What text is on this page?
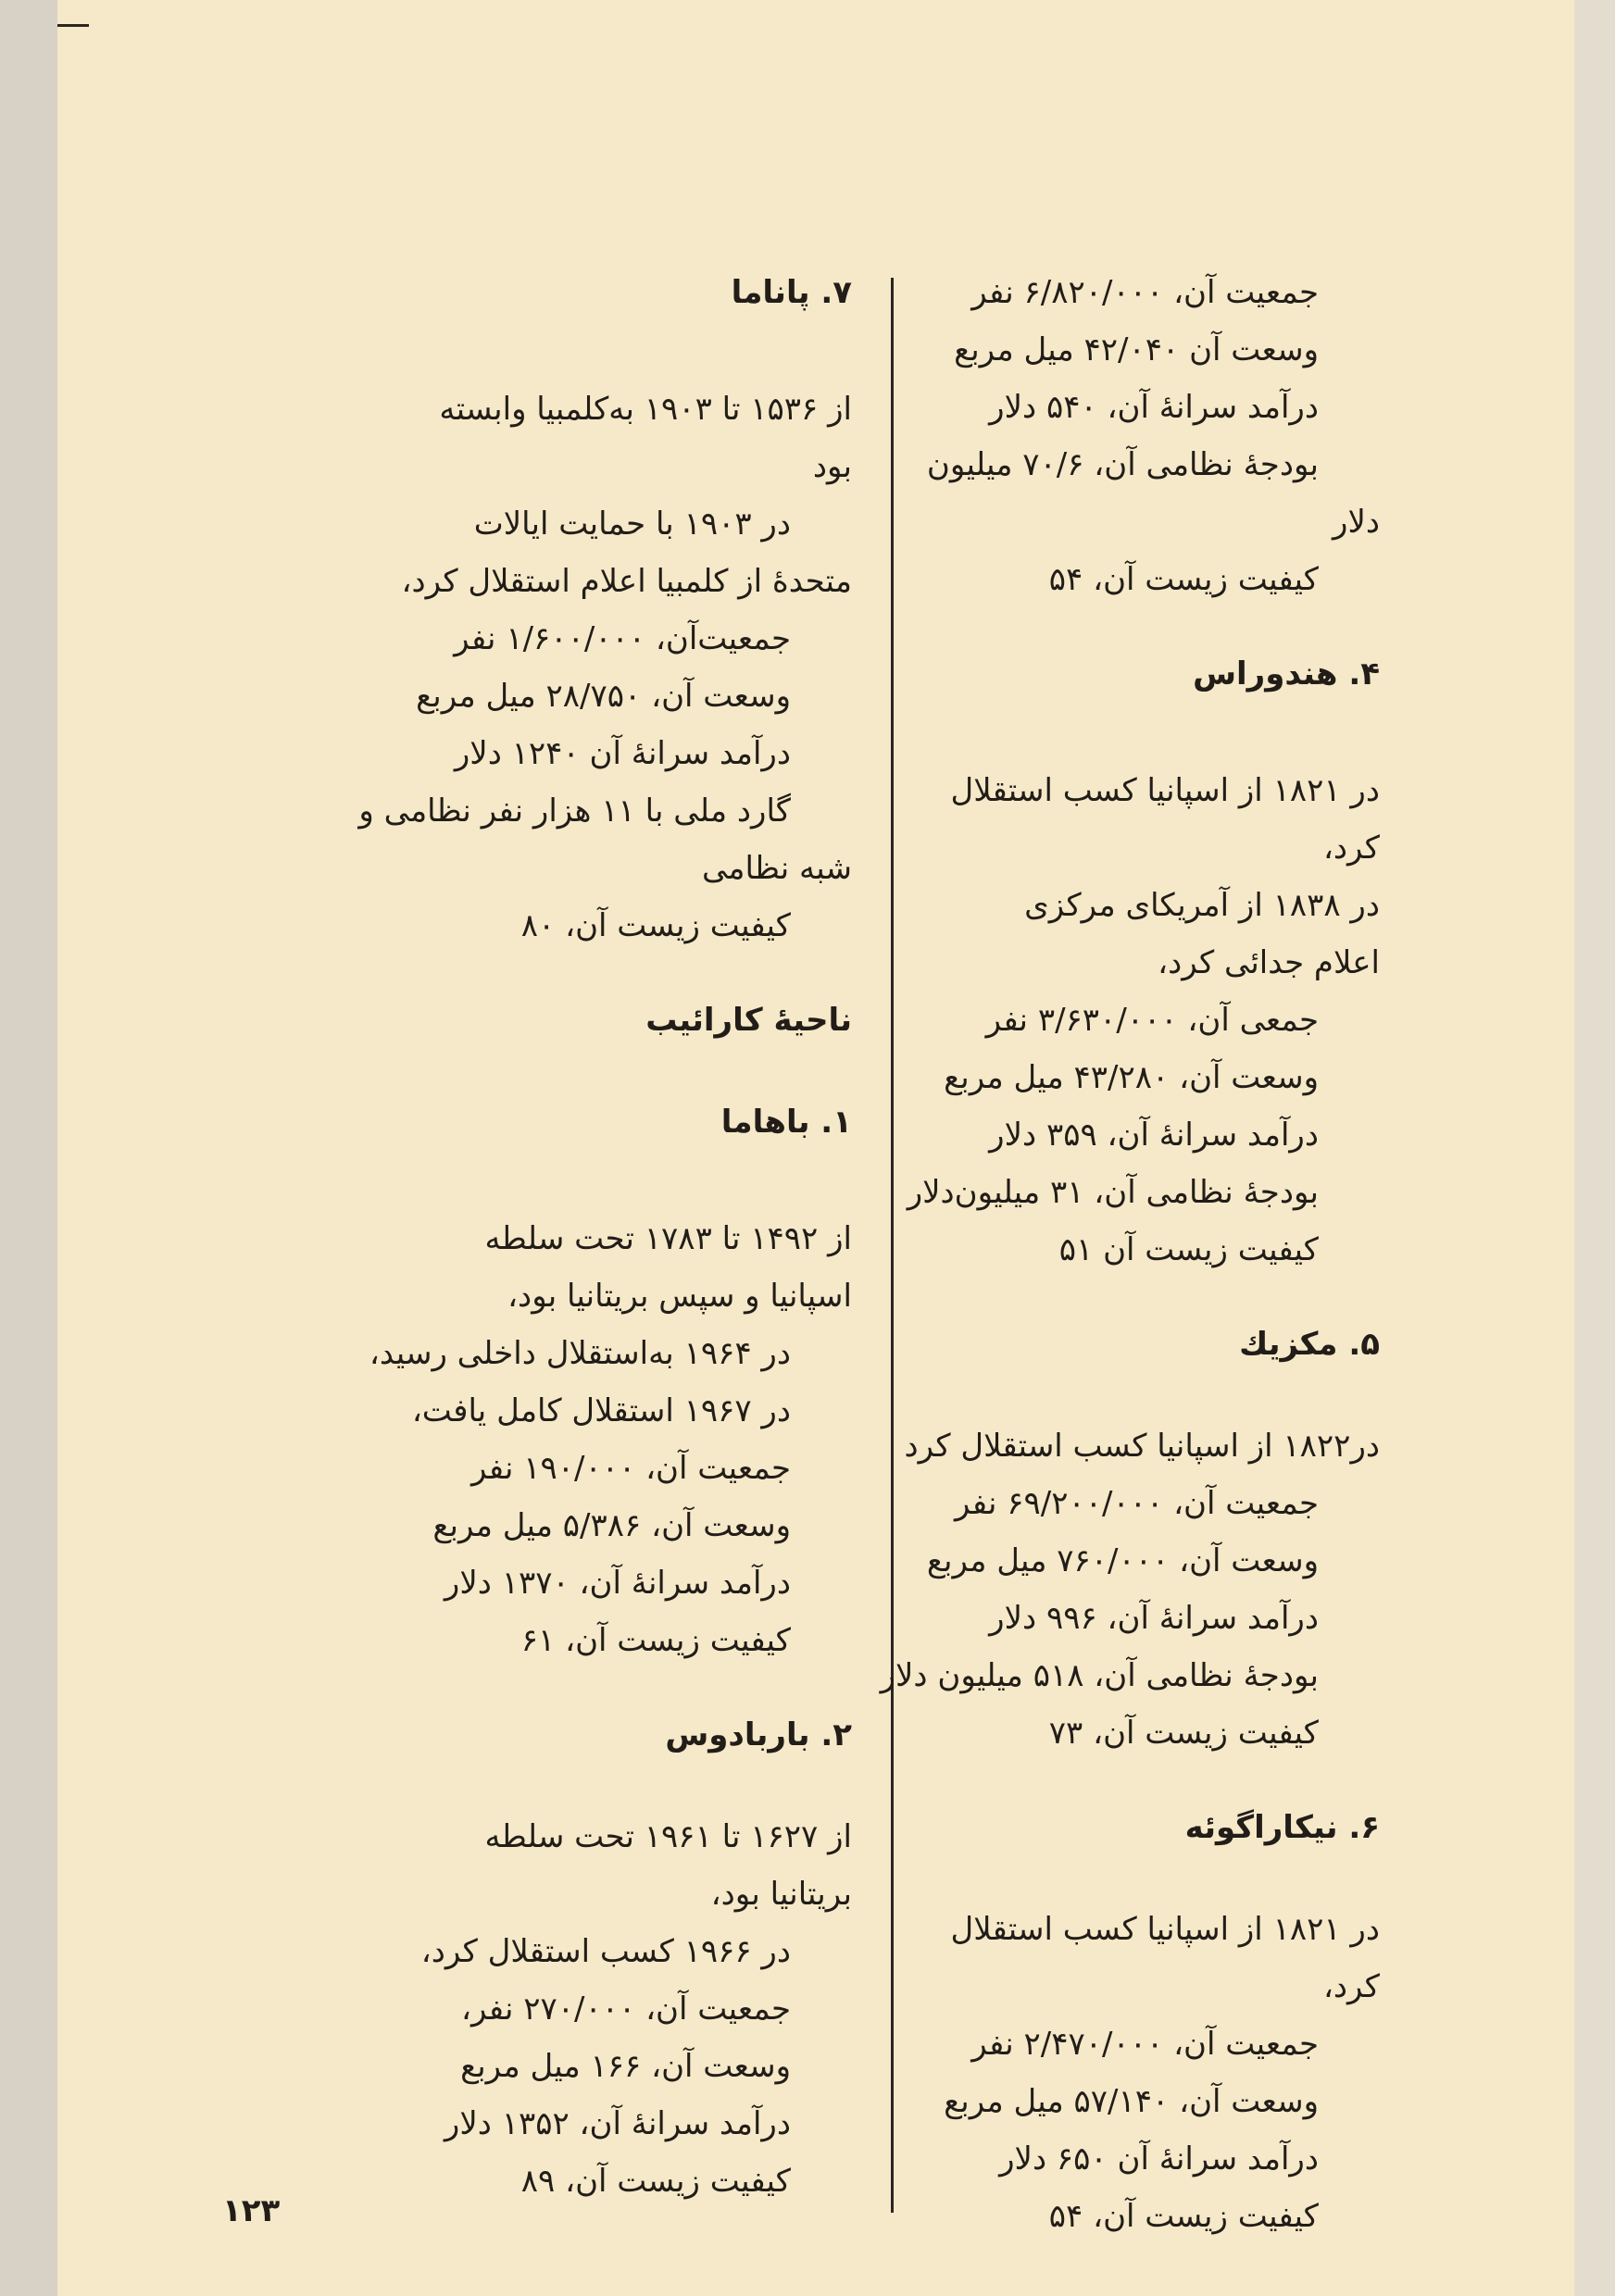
جمعیت آن، ۶/۸۲۰/۰۰۰ نفر
وسعت آن ۴۲/۰۴۰ میل مربع
درآمد سرانهٔ آن، ۵۴۰ دلار
بودجهٔ نظامی آن، ۷۰/۶ میلیون
دلار
کیفیت زیست آن، ۵۴
۴. هندوراس
در ۱۸۲۱ از اسپانیا کسب استقلال
کرد،
در ۱۸۳۸ از آمریکای مرکزی
اعلام جدائی کرد،
جمعی آن، ۳/۶۳۰/۰۰۰ نفر
وسعت آن، ۴۳/۲۸۰ میل مربع
درآمد سرانهٔ آن، ۳۵۹ دلار
بودجهٔ نظامی آن، ۳۱ میلیون‌دلار
کیفیت زیست آن ۵۱
۵. مکزیك
در۱۸۲۲ از اسپانیا کسب استقلال کرد
جمعیت آن، ۶۹/۲۰۰/۰۰۰ نفر
وسعت آن، ۷۶۰/۰۰۰ میل مربع
درآمد سرانهٔ آن، ۹۹۶ دلار
بودجهٔ نظامی آن، ۵۱۸ میلیون دلار
کیفیت زیست آن، ۷۳
۶. نیکاراگوئه
در ۱۸۲۱ از اسپانیا کسب استقلال
کرد،
جمعیت آن، ۲/۴۷۰/۰۰۰ نفر
وسعت آن، ۵۷/۱۴۰ میل مربع
درآمد سرانهٔ آن ۶۵۰ دلار
کیفیت زیست آن، ۵۴
۷. پاناما
از ۱۵۳۶ تا ۱۹۰۳ به‌کلمبیا وابسته
بود
در ۱۹۰۳ با حمایت ایالات
متحدهٔ از کلمبیا اعلام استقلال کرد،
جمعیت‌آن، ۱/۶۰۰/۰۰۰ نفر
وسعت آن، ۲۸/۷۵۰ میل مربع
درآمد سرانهٔ آن ۱۲۴۰ دلار
گارد ملی با ۱۱ هزار نفر نظامی و
شبه نظامی
کیفیت زیست آن، ۸۰
ناحیهٔ کارائیب
۱. باهاما
از ۱۴۹۲ تا ۱۷۸۳ تحت سلطه
اسپانیا و سپس بریتانیا بود،
در ۱۹۶۴ به‌استقلال داخلی رسید،
در ۱۹۶۷ استقلال کامل یافت،
جمعیت آن، ۱۹۰/۰۰۰ نفر
وسعت آن، ۵/۳۸۶ میل مربع
درآمد سرانهٔ آن، ۱۳۷۰ دلار
کیفیت زیست آن، ۶۱
۲. باربادوس
از ۱۶۲۷ تا ۱۹۶۱ تحت سلطه
بریتانیا بود،
در ۱۹۶۶ کسب استقلال کرد،
جمعیت آن، ۲۷۰/۰۰۰ نفر،
وسعت آن، ۱۶۶ میل مربع
درآمد سرانهٔ آن، ۱۳۵۲ دلار
کیفیت زیست آن، ۸۹
۱۲۳
